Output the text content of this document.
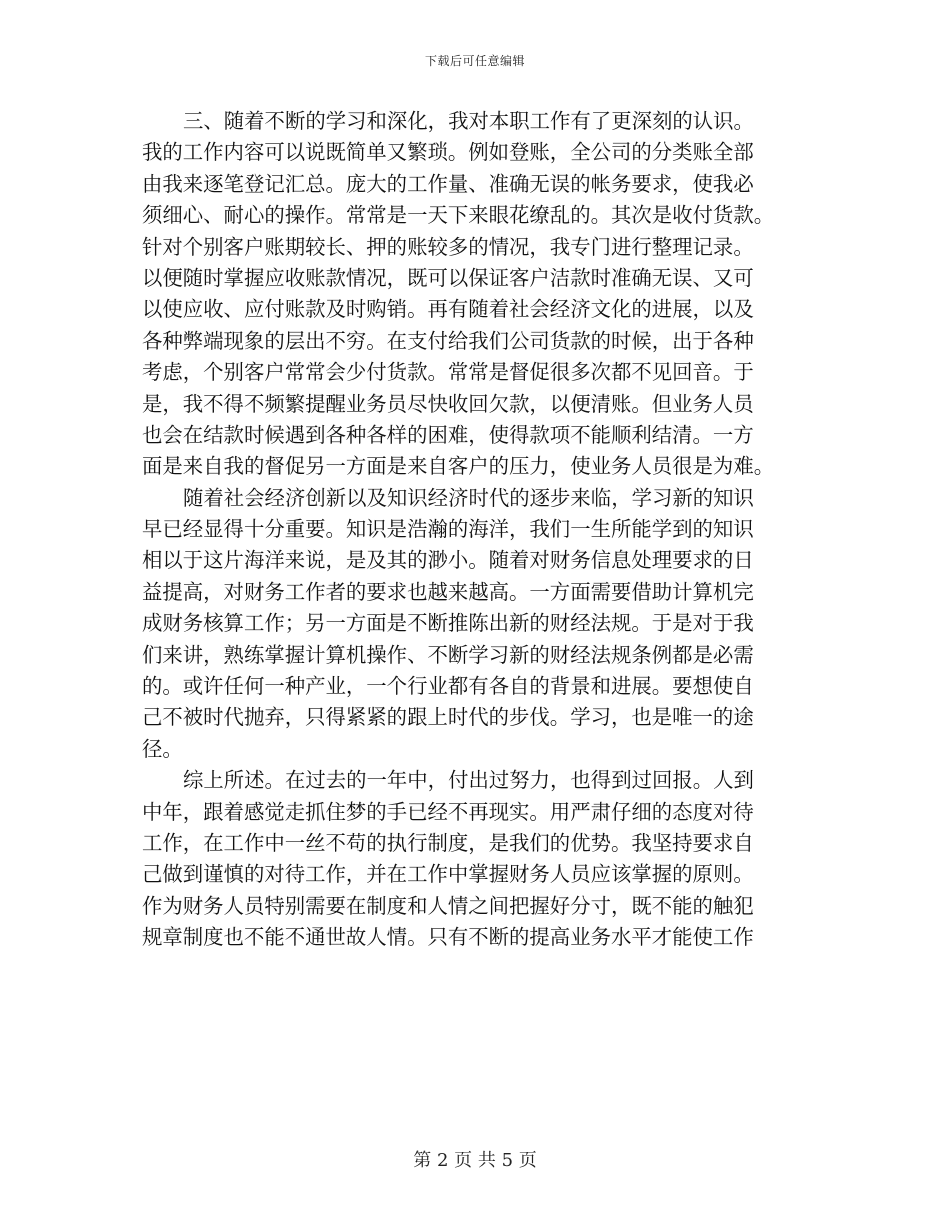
下载后可任意编辑
三、随着不断的学习和深化，我对本职工作有了更深刻的认识。
我的工作内容可以说既简单又繁琐。例如登账，全公司的分类账全部
由我来逐笔登记汇总。庞大的工作量、准确无误的帐务要求，使我必
须细心、耐心的操作。常常是一天下来眼花缭乱的。其次是收付货款。
针对个别客户账期较长、押的账较多的情况，我专门进行整理记录。
以便随时掌握应收账款情况，既可以保证客户洁款时准确无误、又可
以使应收、应付账款及时购销。再有随着社会经济文化的进展，以及
各种弊端现象的层出不穷。在支付给我们公司货款的时候，出于各种
考虑，个别客户常常会少付货款。常常是督促很多次都不见回音。于
是，我不得不频繁提醒业务员尽快收回欠款，以便清账。但业务人员
也会在结款时候遇到各种各样的困难，使得款项不能顺利结清。一方
面是来自我的督促另一方面是来自客户的压力，使业务人员很是为难。
随着社会经济创新以及知识经济时代的逐步来临，学习新的知识
早已经显得十分重要。知识是浩瀚的海洋，我们一生所能学到的知识
相以于这片海洋来说，是及其的渺小。随着对财务信息处理要求的日
益提高，对财务工作者的要求也越来越高。一方面需要借助计算机完
成财务核算工作；另一方面是不断推陈出新的财经法规。于是对于我
们来讲，熟练掌握计算机操作、不断学习新的财经法规条例都是必需
的。或许任何一种产业，一个行业都有各自的背景和进展。要想使自
己不被时代抛弃，只得紧紧的跟上时代的步伐。学习，也是唯一的途
径。
综上所述。在过去的一年中，付出过努力，也得到过回报。人到
中年，跟着感觉走抓住梦的手已经不再现实。用严肃仔细的态度对待
工作，在工作中一丝不苟的执行制度，是我们的优势。我坚持要求自
己做到谨慎的对待工作，并在工作中掌握财务人员应该掌握的原则。
作为财务人员特别需要在制度和人情之间把握好分寸，既不能的触犯
规章制度也不能不通世故人情。只有不断的提高业务水平才能使工作
第 2 页 共 5 页
